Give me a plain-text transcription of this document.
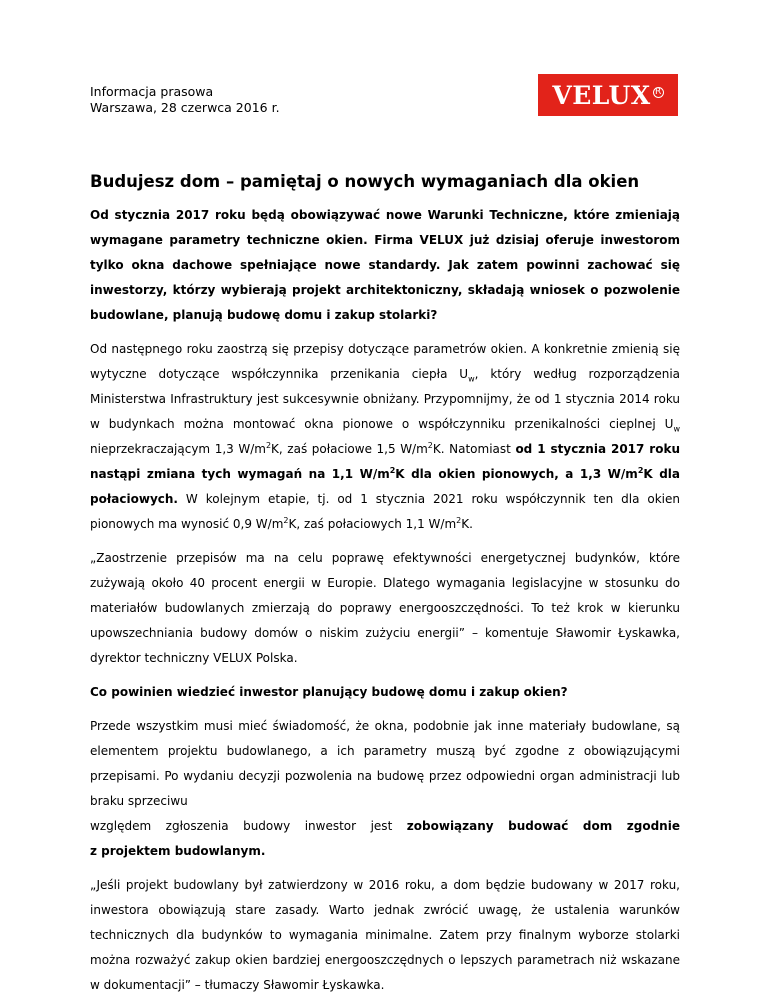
Informacja prasowa
Warszawa, 28 czerwca 2016 r.	VELUX R
Budujesz dom – pamiętaj o nowych wymaganiach dla okien

Od stycznia 2017 roku będą obowiązywać nowe Warunki Techniczne, które zmieniają wymagane parametry techniczne okien. Firma VELUX już dzisiaj oferuje inwestorom tylko okna dachowe spełniające nowe standardy. Jak zatem powinni zachować się inwestorzy, którzy wybierają projekt architektoniczny, składają wniosek o pozwolenie budowlane, planują budowę domu i zakup stolarki?

Od następnego roku zaostrzą się przepisy dotyczące parametrów okien. A konkretnie zmienią się wytyczne dotyczące współczynnika przenikania ciepła $U_w$, który według rozporządzenia Ministerstwa Infrastruktury jest sukcesywnie obniżany. Przypomnijmy, że od 1 stycznia 2014 roku w budynkach można montować okna pionowe o współczynniku przenikalności cieplnej $U_w$ nieprzekraczającym 1,3 $W/m^2K$, zaś połaciowe 1,5 $W/m^2K$. Natomiast od 1 stycznia 2017 roku nastąpi zmiana tych wymagań na 1,1 $W/m^2K$ dla okien pionowych, a 1,3 $W/m^2K$ dla połaciowych. W kolejnym etapie, tj. od 1 stycznia 2021 roku współczynnik ten dla okien pionowych ma wynosić 0,9 $W/m^2K$, zaś połaciowych 1,1 $W/m^2K$.

„Zaostrzenie przepisów ma na celu poprawę efektywności energetycznej budynków, które zużywają około 40 procent energii w Europie. Dlatego wymagania legislacyjne w stosunku do materiałów budowlanych zmierzają do poprawy energooszczędności. To też krok w kierunku upowszechniania budowy domów o niskim zużyciu energii” – komentuje Sławomir Łyskawka, dyrektor techniczny VELUX Polska.

Co powinien wiedzieć inwestor planujący budowę domu i zakup okien?

Przede wszystkim musi mieć świadomość, że okna, podobnie jak inne materiały budowlane, są elementem projektu budowlanego, a ich parametry muszą być zgodne z obowiązującymi przepisami. Po wydaniu decyzji pozwolenia na budowę przez odpowiedni organ administracji lub braku sprzeciwu

względem zgłoszenia budowy inwestor jest zobowiązany budować dom zgodnie

z projektem budowlanym.

„Jeśli projekt budowlany był zatwierdzony w 2016 roku, a dom będzie budowany w 2017 roku, inwestora obowiązują stare zasady. Warto jednak zwrócić uwagę, że ustalenia warunków technicznych dla budynków to wymagania minimalne. Zatem przy finalnym wyborze stolarki można rozważyć zakup okien bardziej energooszczędnych o lepszych parametrach niż wskazane w dokumentacji” – tłumaczy Sławomir Łyskawka.
